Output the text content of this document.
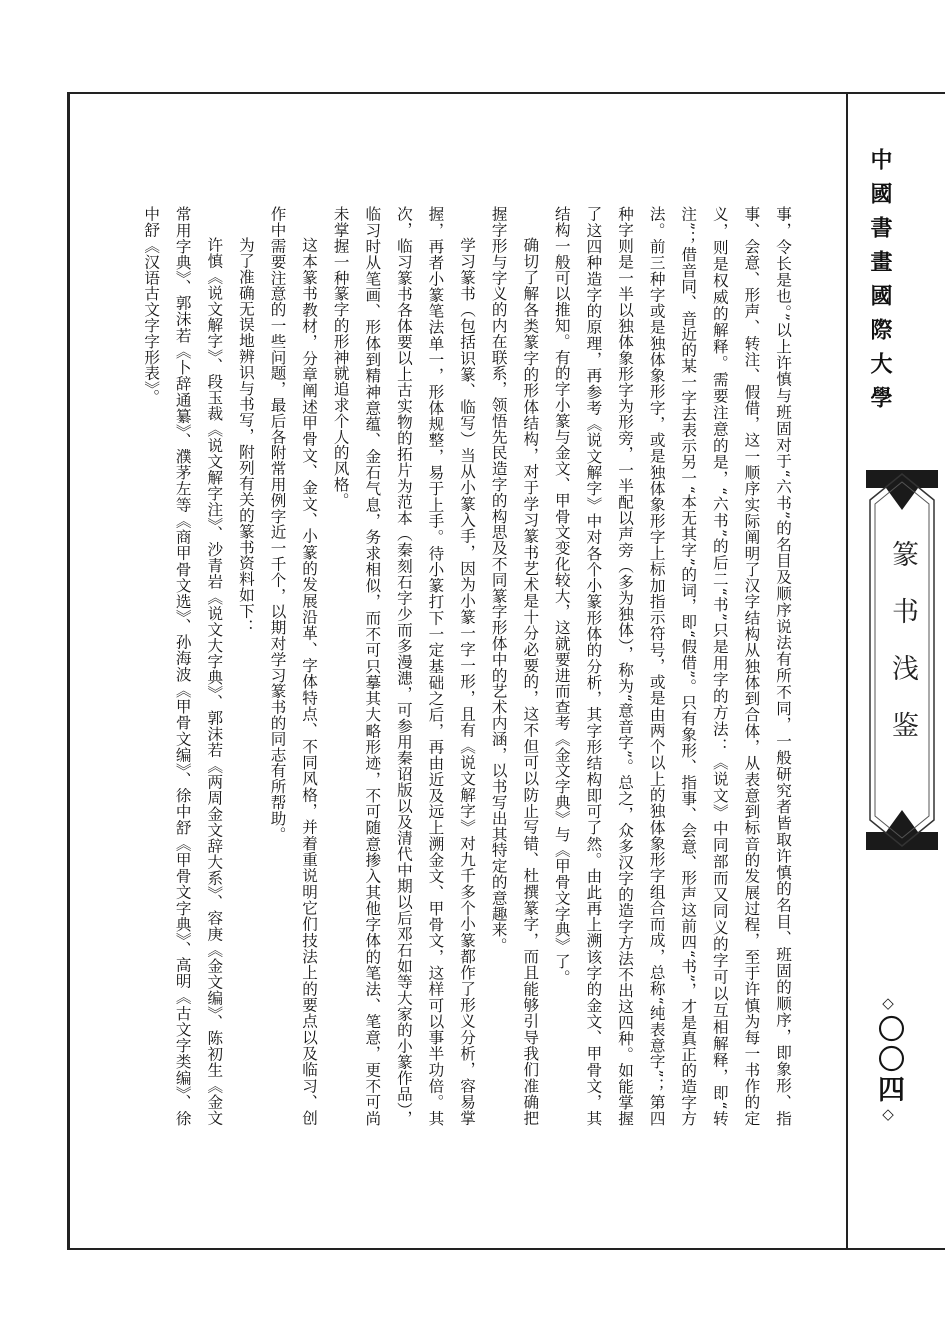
事，令长是也。”以上许慎与班固对于“六书”的名目及顺序说法有所不同，一般研究者皆取许慎的名目、班固的顺序，即象形、指事、会意、形声、转注、假借，这一顺序实际阐明了汉字结构从独体到合体，从表意到标音的发展过程，至于许慎为每一书作的定义，则是权威的解释。需要注意的是，“六书”的后二“书”只是用字的方法：《说文》中同部而又同义的字可以互相解释，即“转注”；借音同、音近的某一字去表示另一“本无其字”的词，即“假借”。只有象形、指事、会意、形声这前四“书”，才是真正的造字方法。前三种字或是独体象形字，或是独体象形字上标加指示符号，或是由两个以上的独体象形字组合而成，总称“纯表意字”；第四种字则是一半以独体象形字为形旁，一半配以声旁（多为独体），称为“意音字”。总之，众多汉字的造字方法不出这四种。如能掌握了这四种造字的原理，再参考《说文解字》中对各个小篆形体的分析，其字形结构即可了然。由此再上溯该字的金文、甲骨文，其结构一般可以推知。有的字小篆与金文、甲骨文变化较大，这就要进而查考《金文字典》与《甲骨文字典》了。

确切了解各类篆字的形体结构，对于学习篆书艺术是十分必要的，这不但可以防止写错、杜撰篆字，而且能够引导我们准确把握字形与字义的内在联系，领悟先民造字的构思及不同篆字形体中的艺术内涵，以书写出其特定的意趣来。

学习篆书（包括识篆、临写）当从小篆入手，因为小篆一字一形，且有《说文解字》对九千多个小篆都作了形义分析，容易掌握，再者小篆笔法单一，形体规整，易于上手。待小篆打下一定基础之后，再由近及远上溯金文、甲骨文，这样可以事半功倍。其次，临习篆书各体要以上古实物的拓片为范本（秦刻石字少而多漫漶，可参用秦诏版以及清代中期以后邓石如等大家的小篆作品），临习时从笔画、形体到精神意蕴、金石气息，务求相似，而不可只摹其大略形迹，不可随意掺入其他字体的笔法、笔意，更不可尚未掌握一种篆字的形神就追求个人的风格。

这本篆书教材，分章阐述甲骨文、金文、小篆的发展沿革、字体特点、不同风格，并着重说明它们技法上的要点以及临习、创作中需要注意的一些问题，最后各附常用例字近一千个，以期对学习篆书的同志有所帮助。

为了准确无误地辨识与书写，附列有关的篆书资料如下：

许慎《说文解字》、段玉裁《说文解字注》、沙青岩《说文大字典》、郭沫若《两周金文辞大系》、容庚《金文编》、陈初生《金文常用字典》、郭沫若《卜辞通纂》、濮茅左等《商甲骨文选》、孙海波《甲骨文编》、徐中舒《甲骨文字典》、高明《古文字类编》、徐中舒《汉语古文字字形表》。	中國書畫國際大學
篆书浅鉴
◇〇〇四◇
